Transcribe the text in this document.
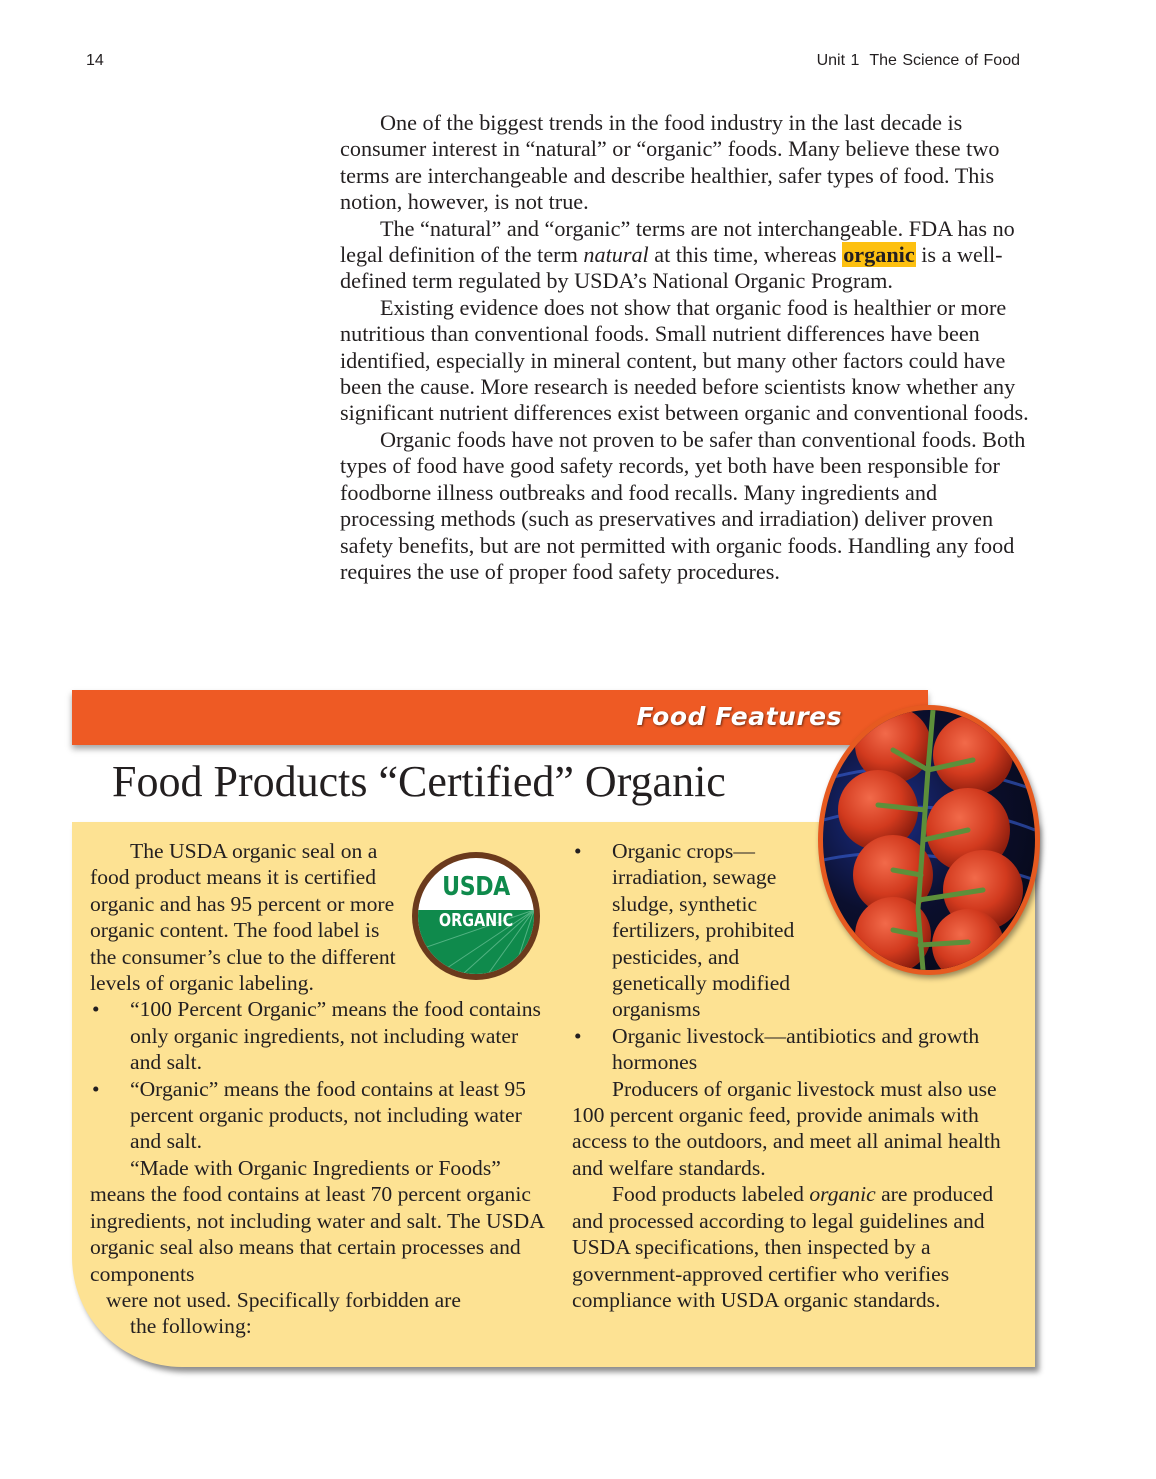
14	Unit 1 The Science of Food

One of the biggest trends in the food industry in the last decade is consumer interest in “natural” or “organic” foods. Many believe these two terms are interchangeable and describe healthier, safer types of food. This notion, however, is not true.

The “natural” and “organic” terms are not interchangeable. FDA has no legal definition of the term natural at this time, whereas organic is a well-defined term regulated by USDA’s National Organic Program.

Existing evidence does not show that organic food is healthier or more nutritious than conventional foods. Small nutrient differences have been identified, especially in mineral content, but many other factors could have been the cause. More research is needed before scientists know whether any significant nutrient differences exist between organic and conventional foods.

Organic foods have not proven to be safer than conventional foods. Both types of food have good safety records, yet both have been responsible for foodborne illness outbreaks and food recalls. Many ingredients and processing methods (such as preservatives and irradiation) deliver proven safety benefits, but are not permitted with organic foods. Handling any food requires the use of proper food safety procedures.

Food Features
Food Products “Certified” Organic
USDA
ORGANIC

The USDA organic seal on a food product means it is certified organic and has 95 percent or more organic content. The food label is the consumer’s clue to the different levels of organic labeling.

• “100 Percent Organic” means the food contains only organic ingredients, not including water and salt.
• “Organic” means the food contains at least 95 percent organic products, not including water and salt.

“Made with Organic Ingredients or Foods” means the food contains at least 70 percent organic ingredients, not including water and salt. The USDA organic seal also means that certain processes and components

were not used. Specifically forbidden are

the following:

• Organic crops—irradiation, sewage sludge, synthetic fertilizers, prohibited pesticides, and genetically modified organisms
• Organic livestock—antibiotics and growth hormones

Producers of organic livestock must also use 100 percent organic feed, provide animals with access to the outdoors, and meet all animal health and welfare standards.

Food products labeled organic are produced and processed according to legal guidelines and USDA specifications, then inspected by a government-approved certifier who verifies compliance with USDA organic standards.
